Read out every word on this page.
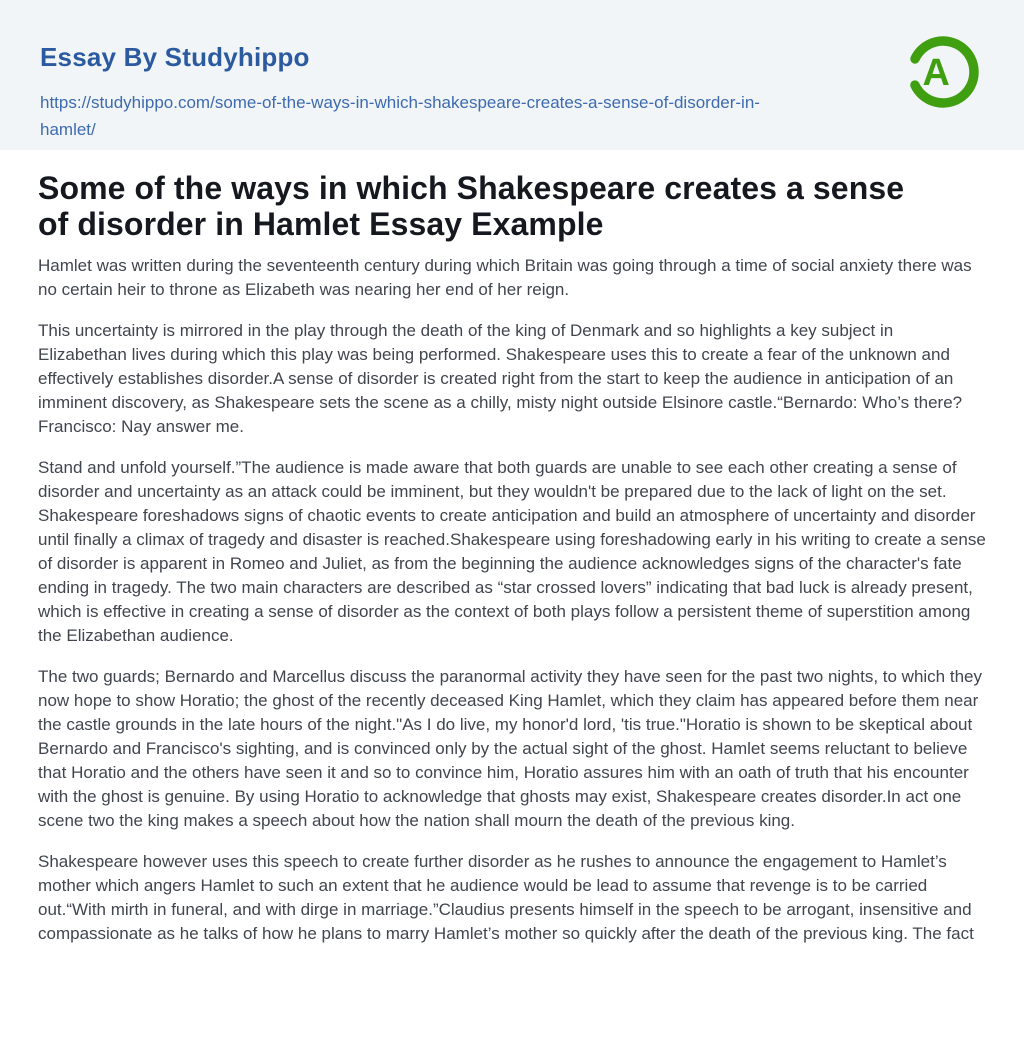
Essay By Studyhippo
https://studyhippo.com/some-of-the-ways-in-which-shakespeare-creates-a-sense-of-disorder-in-hamlet/
A
Some of the ways in which Shakespeare creates a sense of disorder in Hamlet Essay Example

Hamlet was written during the seventeenth century during which Britain was going through a time of social anxiety there was no certain heir to throne as Elizabeth was nearing her end of her reign.

This uncertainty is mirrored in the play through the death of the king of Denmark and so highlights a key subject in Elizabethan lives during which this play was being performed. Shakespeare uses this to create a fear of the unknown and effectively establishes disorder.A sense of disorder is created right from the start to keep the audience in anticipation of an imminent discovery, as Shakespeare sets the scene as a chilly, misty night outside Elsinore castle.“Bernardo: Who’s there?Francisco: Nay answer me.

Stand and unfold yourself.”The audience is made aware that both guards are unable to see each other creating a sense of disorder and uncertainty as an attack could be imminent, but they wouldn't be prepared due to the lack of light on the set. Shakespeare foreshadows signs of chaotic events to create anticipation and build an atmosphere of uncertainty and disorder until finally a climax of tragedy and disaster is reached.Shakespeare using foreshadowing early in his writing to create a sense of disorder is apparent in Romeo and Juliet, as from the beginning the audience acknowledges signs of the character's fate ending in tragedy. The two main characters are described as “star crossed lovers” indicating that bad luck is already present, which is effective in creating a sense of disorder as the context of both plays follow a persistent theme of superstition among the Elizabethan audience.

The two guards; Bernardo and Marcellus discuss the paranormal activity they have seen for the past two nights, to which they now hope to show Horatio; the ghost of the recently deceased King Hamlet, which they claim has appeared before them near the castle grounds in the late hours of the night."As I do live, my honor'd lord, 'tis true."Horatio is shown to be skeptical about Bernardo and Francisco's sighting, and is convinced only by the actual sight of the ghost. Hamlet seems reluctant to believe that Horatio and the others have seen it and so to convince him, Horatio assures him with an oath of truth that his encounter with the ghost is genuine. By using Horatio to acknowledge that ghosts may exist, Shakespeare creates disorder.In act one scene two the king makes a speech about how the nation shall mourn the death of the previous king.

Shakespeare however uses this speech to create further disorder as he rushes to announce the engagement to Hamlet’s mother which angers Hamlet to such an extent that he audience would be lead to assume that revenge is to be carried out.“With mirth in funeral, and with dirge in marriage.”Claudius presents himself in the speech to be arrogant, insensitive and compassionate as he talks of how he plans to marry Hamlet’s mother so quickly after the death of the previous king. The fact
